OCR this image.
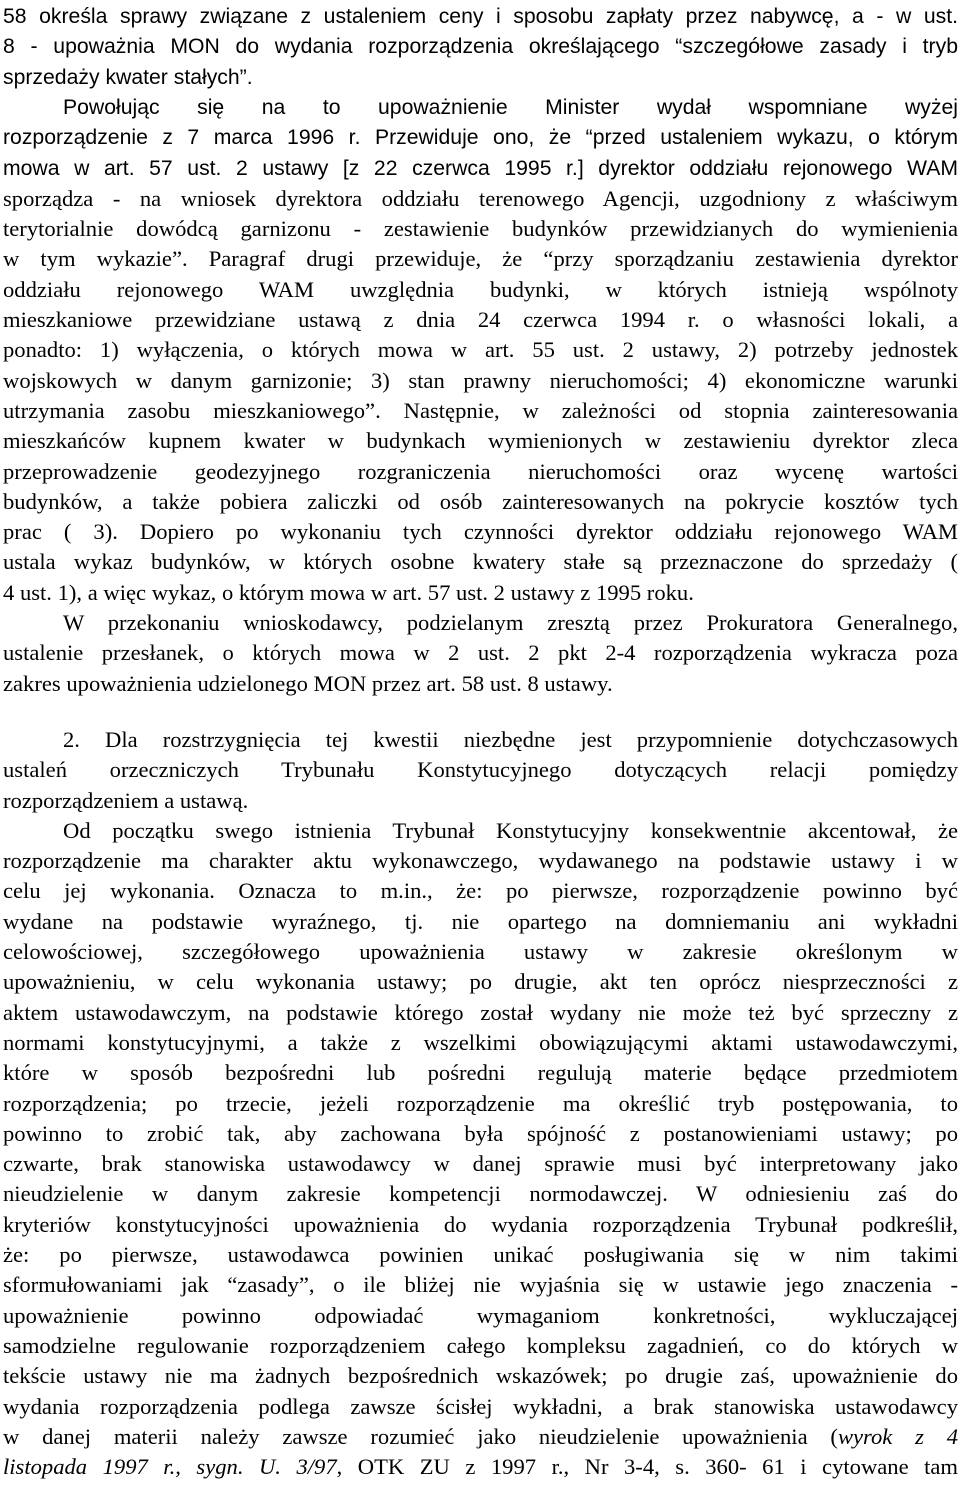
58 określa sprawy związane z ustaleniem ceny i sposobu zapłaty przez nabywcę, a - w ust.
8 - upoważnia MON do wydania rozporządzenia określającego “szczegółowe zasady i tryb
sprzedaży kwater stałych”.
Powołując się na to upoważnienie Minister wydał wspomniane wyżej
rozporządzenie z 7 marca 1996 r. Przewiduje ono, że “przed ustaleniem wykazu, o którym
mowa w art. 57 ust. 2 ustawy [z 22 czerwca 1995 r.] dyrektor oddziału rejonowego WAM
sporządza - na wniosek dyrektora oddziału terenowego Agencji, uzgodniony z właściwym
terytorialnie dowódcą garnizonu - zestawienie budynków przewidzianych do wymienienia
w tym wykazie”. Paragraf drugi przewiduje, że “przy sporządzaniu zestawienia dyrektor
oddziału rejonowego WAM uwzględnia budynki, w których istnieją wspólnoty
mieszkaniowe przewidziane ustawą z dnia 24 czerwca 1994 r. o własności lokali, a
ponadto: 1) wyłączenia, o których mowa w art. 55 ust. 2 ustawy, 2) potrzeby jednostek
wojskowych w danym garnizonie; 3) stan prawny nieruchomości; 4) ekonomiczne warunki
utrzymania zasobu mieszkaniowego”. Następnie, w zależności od stopnia zainteresowania
mieszkańców kupnem kwater w budynkach wymienionych w zestawieniu dyrektor zleca
przeprowadzenie geodezyjnego rozgraniczenia nieruchomości oraz wycenę wartości
budynków, a także pobiera zaliczki od osób zainteresowanych na pokrycie kosztów tych
prac ( 3). Dopiero po wykonaniu tych czynności dyrektor oddziału rejonowego WAM
ustala wykaz budynków, w których osobne kwatery stałe są przeznaczone do sprzedaży (
4 ust. 1), a więc wykaz, o którym mowa w art. 57 ust. 2 ustawy z 1995 roku.
W przekonaniu wnioskodawcy, podzielanym zresztą przez Prokuratora Generalnego,
ustalenie przesłanek, o których mowa w 2 ust. 2 pkt 2-4 rozporządzenia wykracza poza
zakres upoważnienia udzielonego MON przez art. 58 ust. 8 ustawy.
2. Dla rozstrzygnięcia tej kwestii niezbędne jest przypomnienie dotychczasowych
ustaleń orzeczniczych Trybunału Konstytucyjnego dotyczących relacji pomiędzy
rozporządzeniem a ustawą.
Od początku swego istnienia Trybunał Konstytucyjny konsekwentnie akcentował, że
rozporządzenie ma charakter aktu wykonawczego, wydawanego na podstawie ustawy i w
celu jej wykonania. Oznacza to m.in., że: po pierwsze, rozporządzenie powinno być
wydane na podstawie wyraźnego, tj. nie opartego na domniemaniu ani wykładni
celowościowej, szczegółowego upoważnienia ustawy w zakresie określonym w
upoważnieniu, w celu wykonania ustawy; po drugie, akt ten oprócz niesprzeczności z
aktem ustawodawczym, na podstawie którego został wydany nie może też być sprzeczny z
normami konstytucyjnymi, a także z wszelkimi obowiązującymi aktami ustawodawczymi,
które w sposób bezpośredni lub pośredni regulują materie będące przedmiotem
rozporządzenia; po trzecie, jeżeli rozporządzenie ma określić tryb postępowania, to
powinno to zrobić tak, aby zachowana była spójność z postanowieniami ustawy; po
czwarte, brak stanowiska ustawodawcy w danej sprawie musi być interpretowany jako
nieudzielenie w danym zakresie kompetencji normodawczej. W odniesieniu zaś do
kryteriów konstytucyjności upoważnienia do wydania rozporządzenia Trybunał podkreślił,
że: po pierwsze, ustawodawca powinien unikać posługiwania się w nim takimi
sformułowaniami jak “zasady”, o ile bliżej nie wyjaśnia się w ustawie jego znaczenia -
upoważnienie powinno odpowiadać wymaganiom konkretności, wykluczającej
samodzielne regulowanie rozporządzeniem całego kompleksu zagadnień, co do których w
tekście ustawy nie ma żadnych bezpośrednich wskazówek; po drugie zaś, upoważnienie do
wydania rozporządzenia podlega zawsze ścisłej wykładni, a brak stanowiska ustawodawcy
w danej materii należy zawsze rozumieć jako nieudzielenie upoważnienia (wyrok z 4
listopada 1997 r., sygn. U. 3/97, OTK ZU z 1997 r., Nr 3-4, s. 360- 61 i cytowane tam
